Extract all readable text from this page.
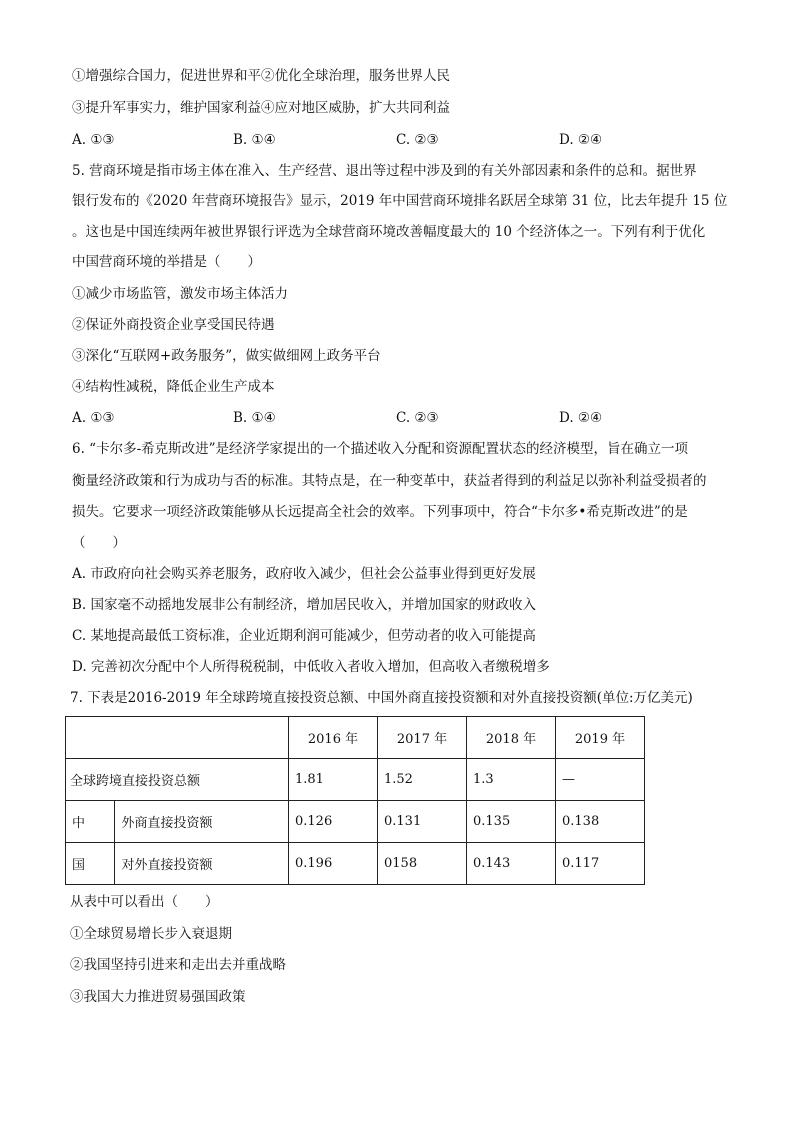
①增强综合国力，促进世界和平②优化全球治理，服务世界人民
③提升军事实力，维护国家利益④应对地区威胁，扩大共同利益
A. ①③	B. ①④	C. ②③	D. ②④
5. 营商环境是指市场主体在准入、生产经营、退出等过程中涉及到的有关外部因素和条件的总和。据世界
银行发布的《2020 年营商环境报告》显示，2019 年中国营商环境排名跃居全球第 31 位，比去年提升 15 位
。这也是中国连续两年被世界银行评选为全球营商环境改善幅度最大的 10 个经济体之一。下列有利于优化
中国营商环境的举措是（　　）
①减少市场监管，激发市场主体活力
②保证外商投资企业享受国民待遇
③深化“互联网+政务服务”，做实做细网上政务平台
④结构性减税，降低企业生产成本
A. ①③	B. ①④	C. ②③	D. ②④
6. “卡尔多-希克斯改进”是经济学家提出的一个描述收入分配和资源配置状态的经济模型，旨在确立一项
衡量经济政策和行为成功与否的标准。其特点是，在一种变革中，获益者得到的利益足以弥补利益受损者的
损失。它要求一项经济政策能够从长远提高全社会的效率。下列事项中，符合“卡尔多•希克斯改进”的是
（　　）
A. 市政府向社会购买养老服务，政府收入减少，但社会公益事业得到更好发展
B. 国家毫不动摇地发展非公有制经济，增加居民收入，并增加国家的财政收入
C. 某地提高最低工资标准，企业近期利润可能减少，但劳动者的收入可能提高
D. 完善初次分配中个人所得税税制，中低收入者收入增加，但高收入者缴税增多
7. 下表是2016-2019 年全球跨境直接投资总额、中国外商直接投资额和对外直接投资额(单位:万亿美元)
		2016 年	2017 年	2018 年	2019 年
全球跨境直接投资总额		1.81	1.52	1.3	—
中	外商直接投资额	0.126	0.131	0.135	0.138
国	对外直接投资额	0.196	0158	0.143	0.117
从表中可以看出（　　）
①全球贸易增长步入衰退期
②我国坚持引进来和走出去并重战略
③我国大力推进贸易强国政策
